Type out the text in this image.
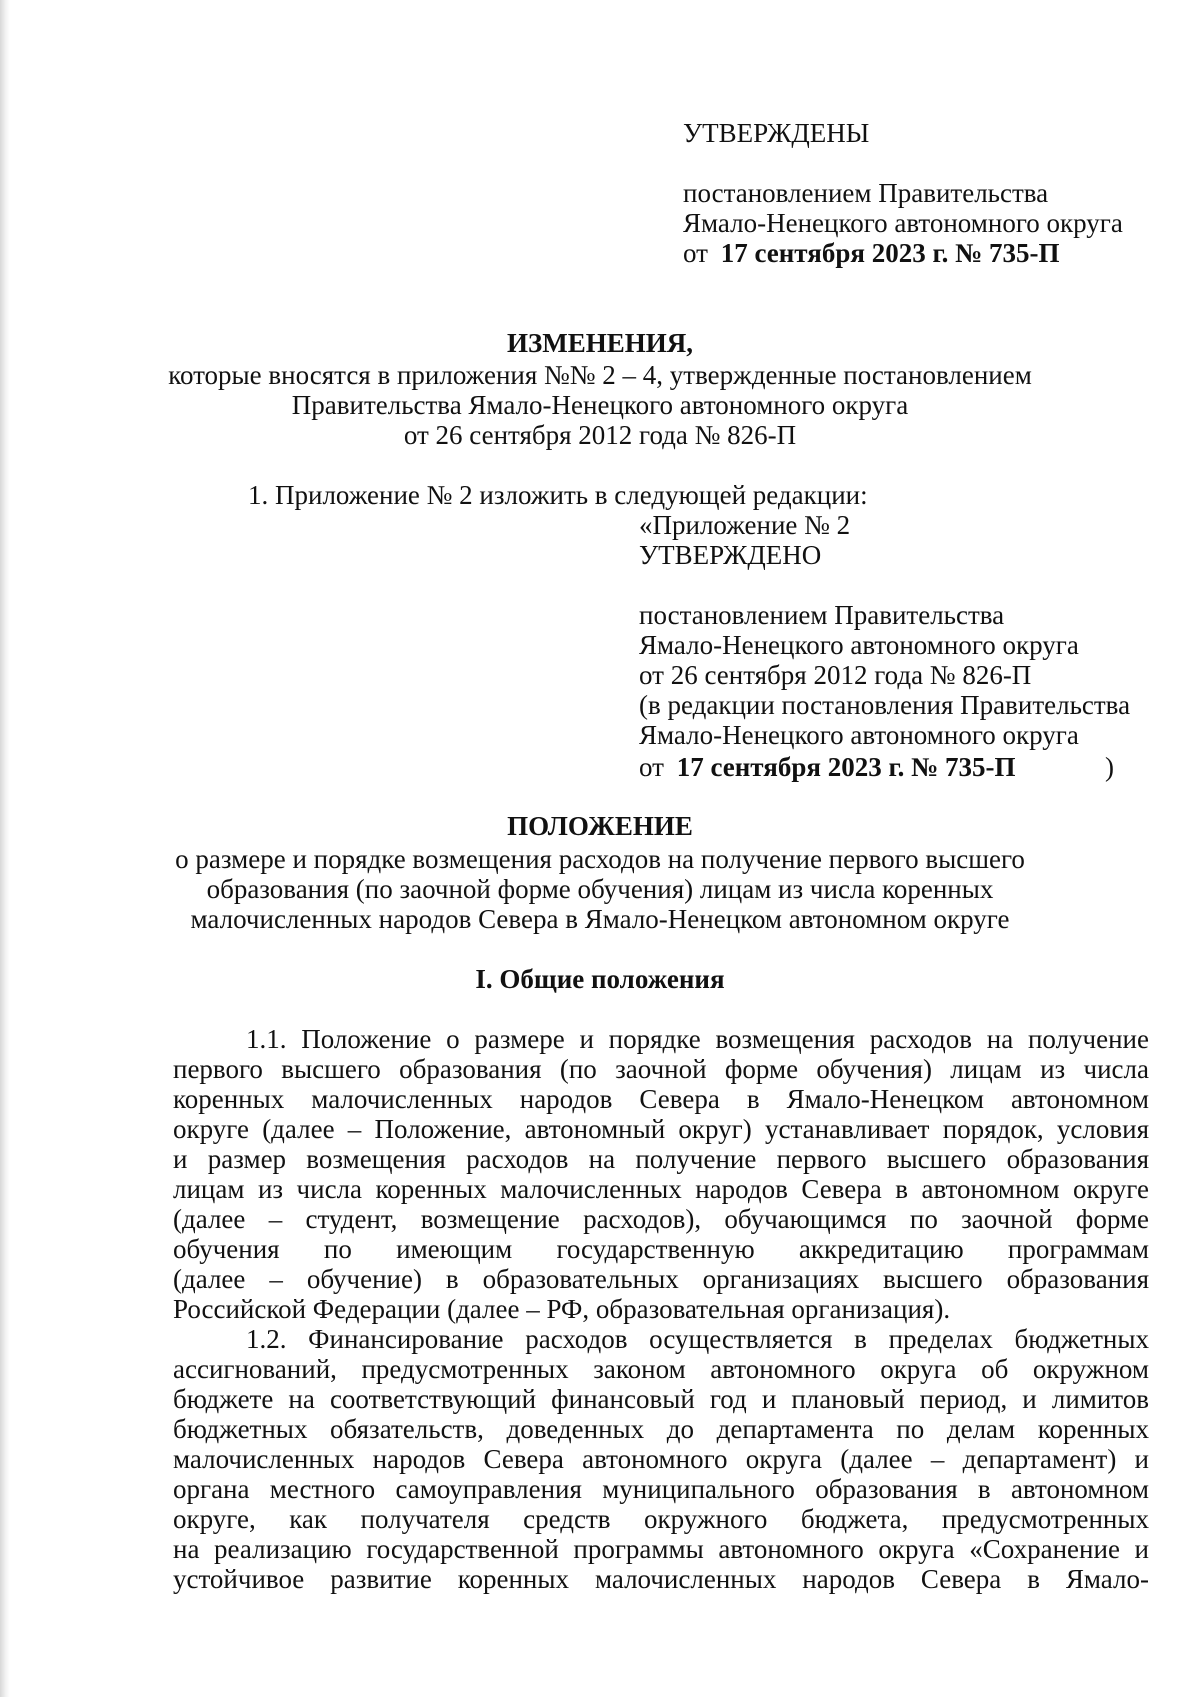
УТВЕРЖДЕНЫ
постановлением Правительства
Ямало-Ненецкого автономного округа
от 17 сентября 2023 г. № 735-П
ИЗМЕНЕНИЯ,
которые вносятся в приложения №№ 2 – 4, утвержденные постановлением
Правительства Ямало-Ненецкого автономного округа
от 26 сентября 2012 года № 826-П
1. Приложение № 2 изложить в следующей редакции:
«Приложение № 2
УТВЕРЖДЕНО
постановлением Правительства
Ямало-Ненецкого автономного округа
от 26 сентября 2012 года № 826-П
(в редакции постановления Правительства
Ямало-Ненецкого автономного округа
от 17 сентября 2023 г. № 735-П	)
ПОЛОЖЕНИЕ
о размере и порядке возмещения расходов на получение первого высшего
образования (по заочной форме обучения) лицам из числа коренных
малочисленных народов Севера в Ямало-Ненецком автономном округе
I. Общие положения
1.1. Положение о размере и порядке возмещения расходов на получение
первого высшего образования (по заочной форме обучения) лицам из числа
коренных малочисленных народов Севера в Ямало-Ненецком автономном
округе (далее – Положение, автономный округ) устанавливает порядок, условия
и размер возмещения расходов на получение первого высшего образования
лицам из числа коренных малочисленных народов Севера в автономном округе
(далее – студент, возмещение расходов), обучающимся по заочной форме
обучения по имеющим государственную аккредитацию программам
(далее – обучение) в образовательных организациях высшего образования
Российской Федерации (далее – РФ, образовательная организация).
1.2. Финансирование расходов осуществляется в пределах бюджетных
ассигнований, предусмотренных законом автономного округа об окружном
бюджете на соответствующий финансовый год и плановый период, и лимитов
бюджетных обязательств, доведенных до департамента по делам коренных
малочисленных народов Севера автономного округа (далее – департамент) и
органа местного самоуправления муниципального образования в автономном
округе, как получателя средств окружного бюджета, предусмотренных
на реализацию государственной программы автономного округа «Сохранение и
устойчивое развитие коренных малочисленных народов Севера в Ямало-
